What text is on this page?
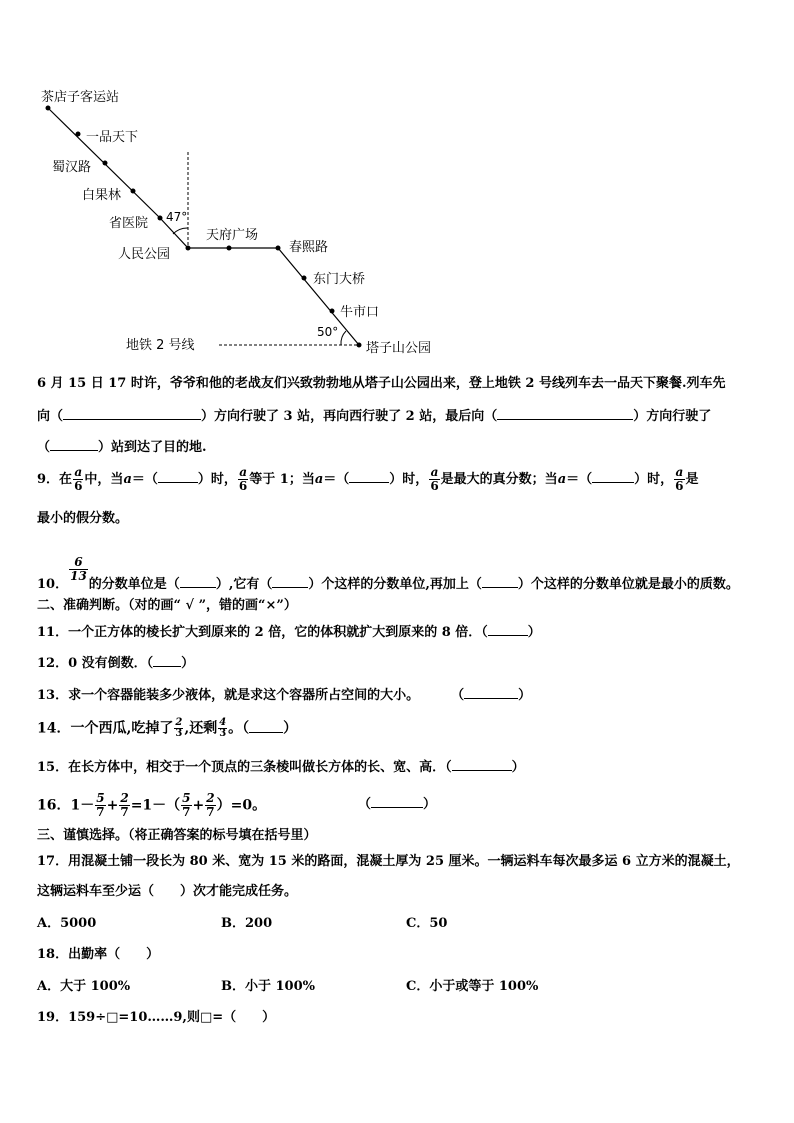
茶店子客运站
一品天下
蜀汉路
白果林
省医院 47°
人民公园
天府广场
春熙路
东门大桥
牛市口
50°
地铁 2 号线	塔子山公园
6 月 15 日 17 时许，爷爷和他的老战友们兴致勃勃地从塔子山公园出来，登上地铁 2 号线列车去一品天下聚餐.列车先
向（	）方向行驶了 3 站，再向西行驶了 2 站，最后向（	）方向行驶了
（	）站到达了目的地.
9．在 $\frac{a}{6}$ 中，当a＝（	）时， $\frac{a}{6}$ 等于 1；当a＝（	）时， $\frac{a}{6}$ 是最大的真分数；当a＝（	）时， $\frac{a}{6}$ 是
最小的假分数。
10．
$\frac{6}{13}$
的分数单位是（	）,它有（	）个这样的分数单位,再加上（	）个这样的分数单位就是最小的质数。
二、准确判断。（对的画“ √ ”，错的画“×”）
11．一个正方体的棱长扩大到原来的 2 倍，它的体积就扩大到原来的 8 倍．（	）
12．0 没有倒数．（ ）
13．求一个容器能装多少液体，就是求这个容器所占空间的大小。 （	）
14．一个西瓜,吃掉了 $\frac{2}{3}$ ,还剩 $\frac{4}{3}$ 。（ ）
15．在长方体中，相交于一个顶点的三条棱叫做长方体的长、宽、高．（	）
16．$1- \frac{5}{7} + \frac{2}{7} =1-( \frac{5}{7} + \frac{2}{7} )=0$。	（	）
三、谨慎选择。（将正确答案的标号填在括号里）
17．用混凝土铺一段长为 80 米、宽为 15 米的路面，混凝土厚为 25 厘米。一辆运料车每次最多运 6 立方米的混凝土，
这辆运料车至少运（　　）次才能完成任务。
A．5000	B．200	C．50
18．出勤率（　　）
A．大于 100%	B．小于 100%	C．小于或等于 100%
19．159÷□=10……9,则□=（　　）
